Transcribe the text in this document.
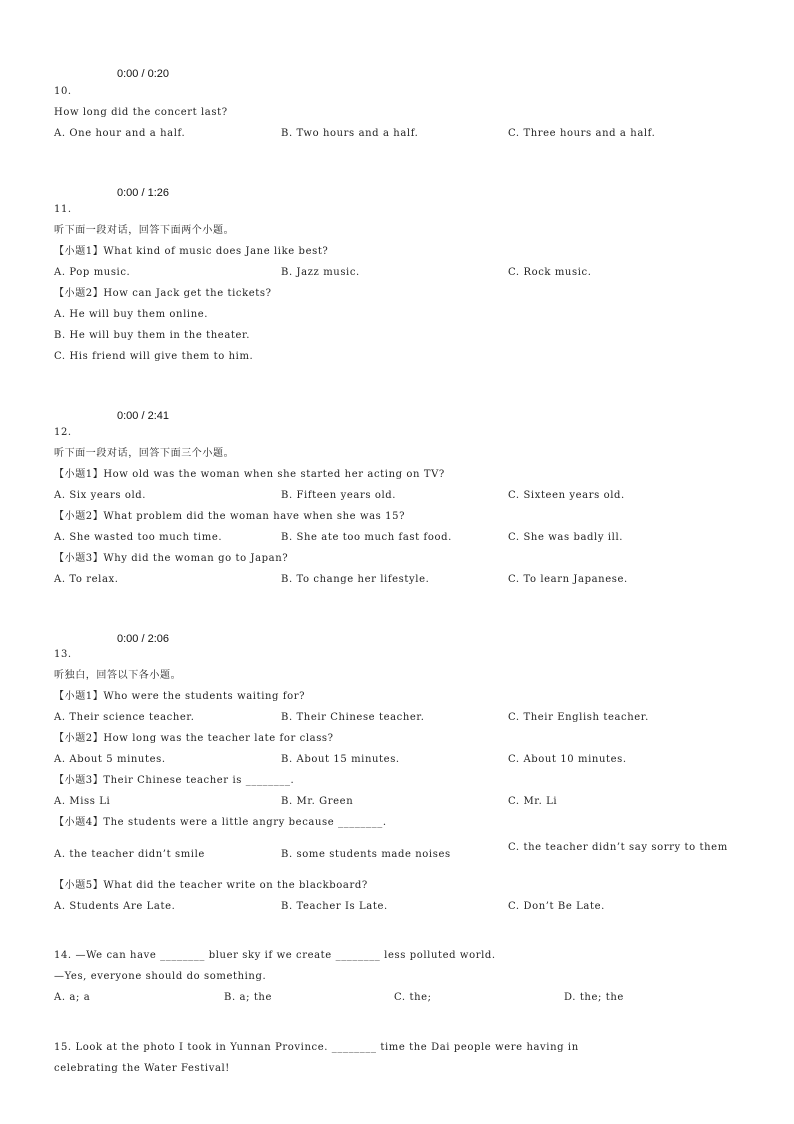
0:00 / 0:20
10.
How long did the concert last?
A. One hour and a half.	B. Two hours and a half.	C. Three hours and a half.
0:00 / 1:26
11.
听下面一段对话，回答下面两个小题。
【小题1】What kind of music does Jane like best?
A. Pop music.	B. Jazz music.	C. Rock music.
【小题2】How can Jack get the tickets?
A. He will buy them online.
B. He will buy them in the theater.
C. His friend will give them to him.
0:00 / 2:41
12.
听下面一段对话，回答下面三个小题。
【小题1】How old was the woman when she started her acting on TV?
A. Six years old.	B. Fifteen years old.	C. Sixteen years old.
【小题2】What problem did the woman have when she was 15?
A. She wasted too much time.	B. She ate too much fast food.	C. She was badly ill.
【小题3】Why did the woman go to Japan?
A. To relax.	B. To change her lifestyle.	C. To learn Japanese.
0:00 / 2:06
13.
听独白，回答以下各小题。
【小题1】Who were the students waiting for?
A. Their science teacher.	B. Their Chinese teacher.	C. Their English teacher.
【小题2】How long was the teacher late for class?
A. About 5 minutes.	B. About 15 minutes.	C. About 10 minutes.
【小题3】Their Chinese teacher is ________.
A. Miss Li	B. Mr. Green	C. Mr. Li
【小题4】The students were a little angry because ________.
A. the teacher didn’t smile	B. some students made noises
C. the teacher didn’t say sorry to them
【小题5】What did the teacher write on the blackboard?
A. Students Are Late.	B. Teacher Is Late.	C. Don’t Be Late.
14. —We can have ________ bluer sky if we create ________ less polluted world.
—Yes, everyone should do something.
A. a; a	B. a; the	C. the;	D. the; the
15. Look at the photo I took in Yunnan Province. ________ time the Dai people were having in
celebrating the Water Festival!
